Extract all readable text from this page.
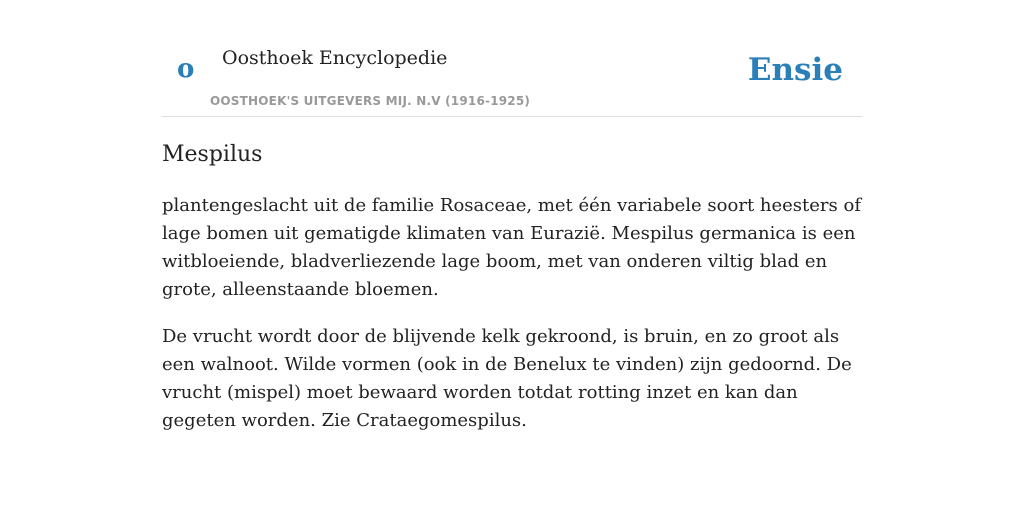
o Oosthoek Encyclopedie
OOSTHOEK'S UITGEVERS MIJ. N.V (1916-1925)
Ensie
Mespilus

plantengeslacht uit de familie Rosaceae, met één variabele soort heesters of lage bomen uit gematigde klimaten van Eurazië. Mespilus germanica is een witbloeiende, bladverliezende lage boom, met van onderen viltig blad en grote, alleenstaande bloemen.

De vrucht wordt door de blijvende kelk gekroond, is bruin, en zo groot als een walnoot. Wilde vormen (ook in de Benelux te vinden) zijn gedoornd. De vrucht (mispel) moet bewaard worden totdat rotting inzet en kan dan gegeten worden. Zie Crataegomespilus.
